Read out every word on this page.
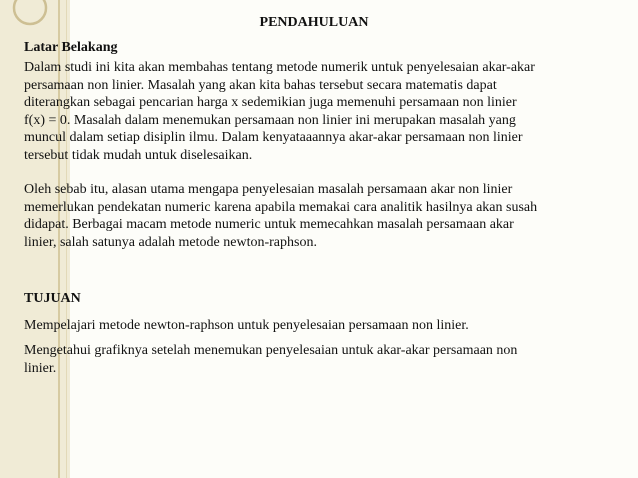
PENDAHULUAN
Latar Belakang
Dalam studi ini kita akan membahas tentang metode numerik untuk penyelesaian akar-akar
persamaan non linier. Masalah yang akan kita bahas tersebut secara matematis dapat
diterangkan sebagai pencarian harga x sedemikian juga memenuhi persamaan non linier
f(x) = 0. Masalah dalam menemukan persamaan non linier ini merupakan masalah yang
muncul dalam setiap disiplin ilmu. Dalam kenyataaannya akar-akar persamaan non linier
tersebut tidak mudah untuk diselesaikan.
Oleh sebab itu, alasan utama mengapa penyelesaian masalah persamaan akar non linier
memerlukan pendekatan numeric karena apabila memakai cara analitik hasilnya akan susah
didapat. Berbagai macam metode numeric untuk memecahkan masalah persamaan akar
linier, salah satunya adalah metode newton-raphson.
TUJUAN
Mempelajari metode newton-raphson untuk penyelesaian persamaan non linier.
Mengetahui grafiknya setelah menemukan penyelesaian untuk akar-akar persamaan non
linier.
